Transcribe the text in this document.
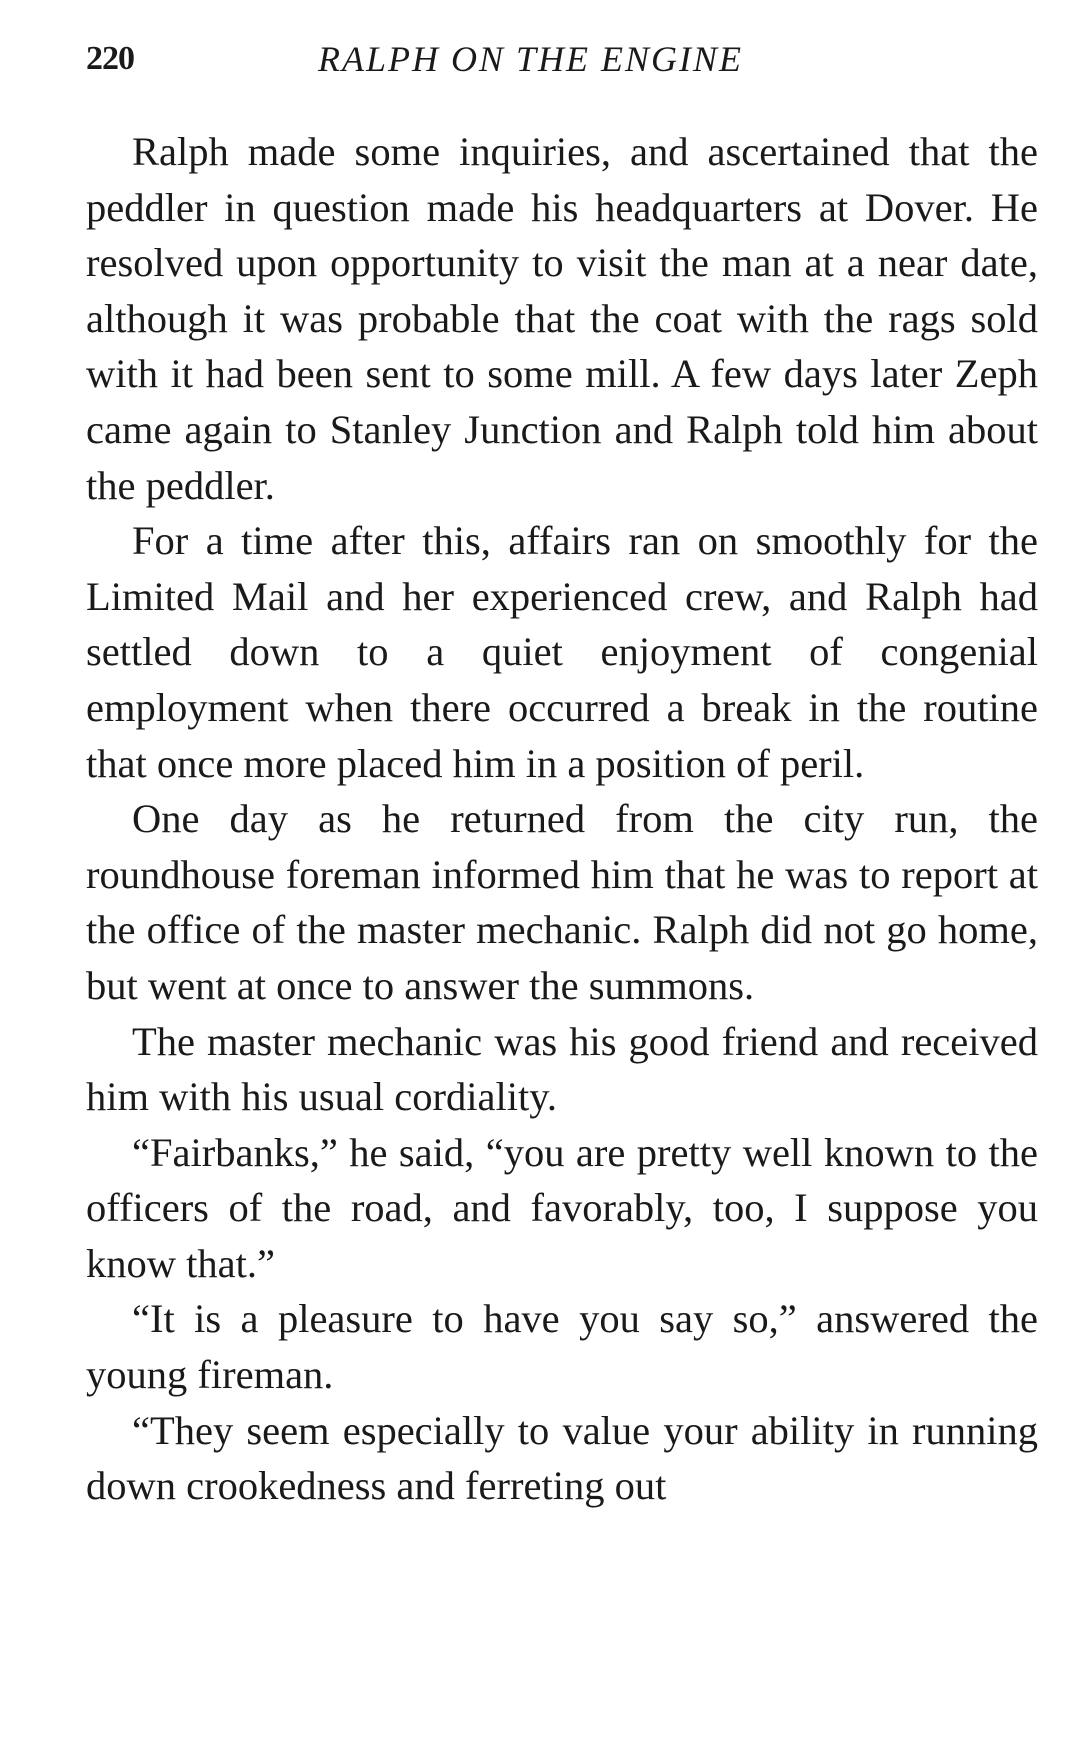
220	RALPH ON THE ENGINE

Ralph made some inquiries, and ascertained that the peddler in question made his headquarters at Dover. He resolved upon opportunity to visit the man at a near date, although it was probable that the coat with the rags sold with it had been sent to some mill. A few days later Zeph came again to Stanley Junction and Ralph told him about the peddler.

For a time after this, affairs ran on smoothly for the Limited Mail and her experienced crew, and Ralph had settled down to a quiet enjoyment of congenial employment when there occurred a break in the routine that once more placed him in a position of peril.

One day as he returned from the city run, the roundhouse foreman informed him that he was to report at the office of the master mechanic. Ralph did not go home, but went at once to answer the summons.

The master mechanic was his good friend and received him with his usual cordiality.

“Fairbanks,” he said, “you are pretty well known to the officers of the road, and favorably, too, I suppose you know that.”

“It is a pleasure to have you say so,” answered the young fireman.

“They seem especially to value your ability in running down crookedness and ferreting out
